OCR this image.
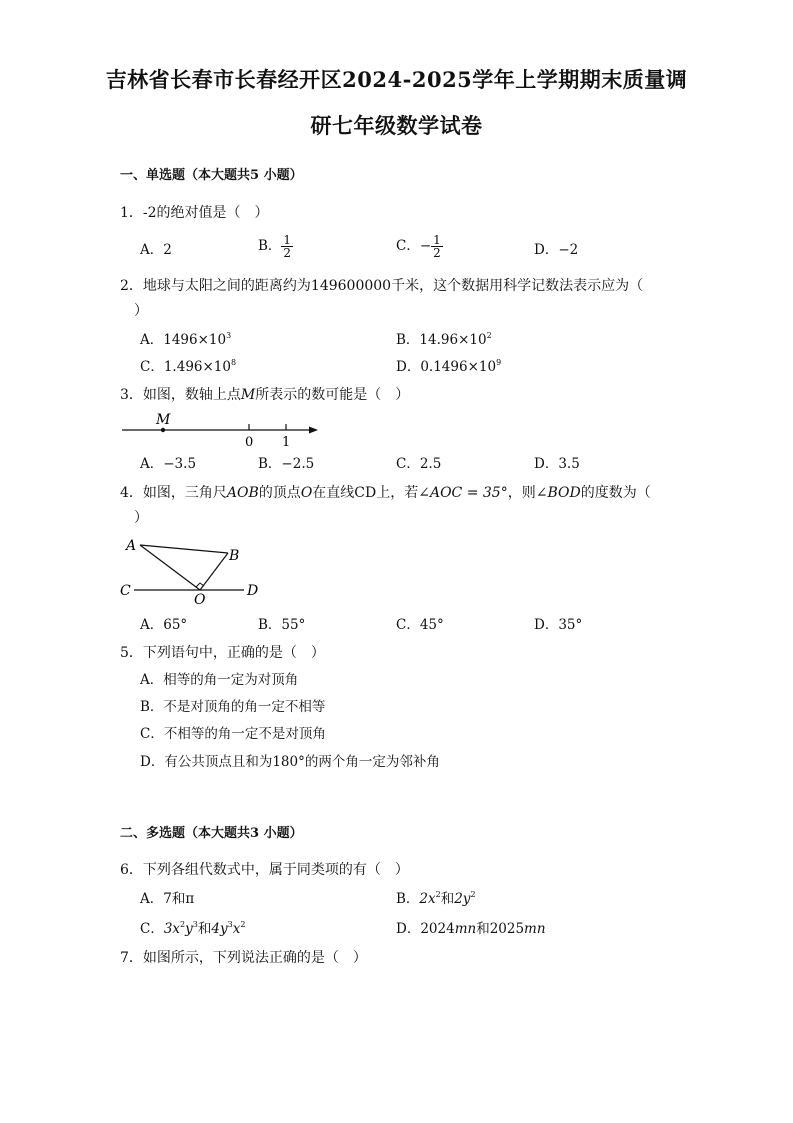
吉林省长春市长春经开区2024-2025学年上学期期末质量调
研七年级数学试卷
一、单选题（本大题共5 小题）
1．-2的绝对值是（　）
A．2	B． $\frac{1}{2}$	C．− $\frac{1}{2}$	D．−2
2．地球与太阳之间的距离约为149600000千米，这个数据用科学记数法表示应为（
）
A．$1496\times 10^3$	B．$14.96\times 10^2$
C．$1.496\times 10^8$	D．$0.1496\times 10^9$
3．如图，数轴上点M所表示的数可能是（　）
M
0 1
A．−3.5	B．−2.5	C．2.5	D．3.5
4．如图，三角尺AOB的顶点O在直线CD上，若∠AOC = 35°，则∠BOD的度数为（
）
A
B
C	D
O
A．65°	B．55°	C．45°	D．35°
5．下列语句中，正确的是（　）
A．相等的角一定为对顶角
B．不是对顶角的角一定不相等
C．不相等的角一定不是对顶角
D．有公共顶点且和为180°的两个角一定为邻补角
二、多选题（本大题共3 小题）
6．下列各组代数式中，属于同类项的有（　）
A．7和π	B．$2x^2$和$2y^2$
C．$3x^2y^3$和$4y^3x^2$	D．2024mn和2025mn
7．如图所示，下列说法正确的是（　）
